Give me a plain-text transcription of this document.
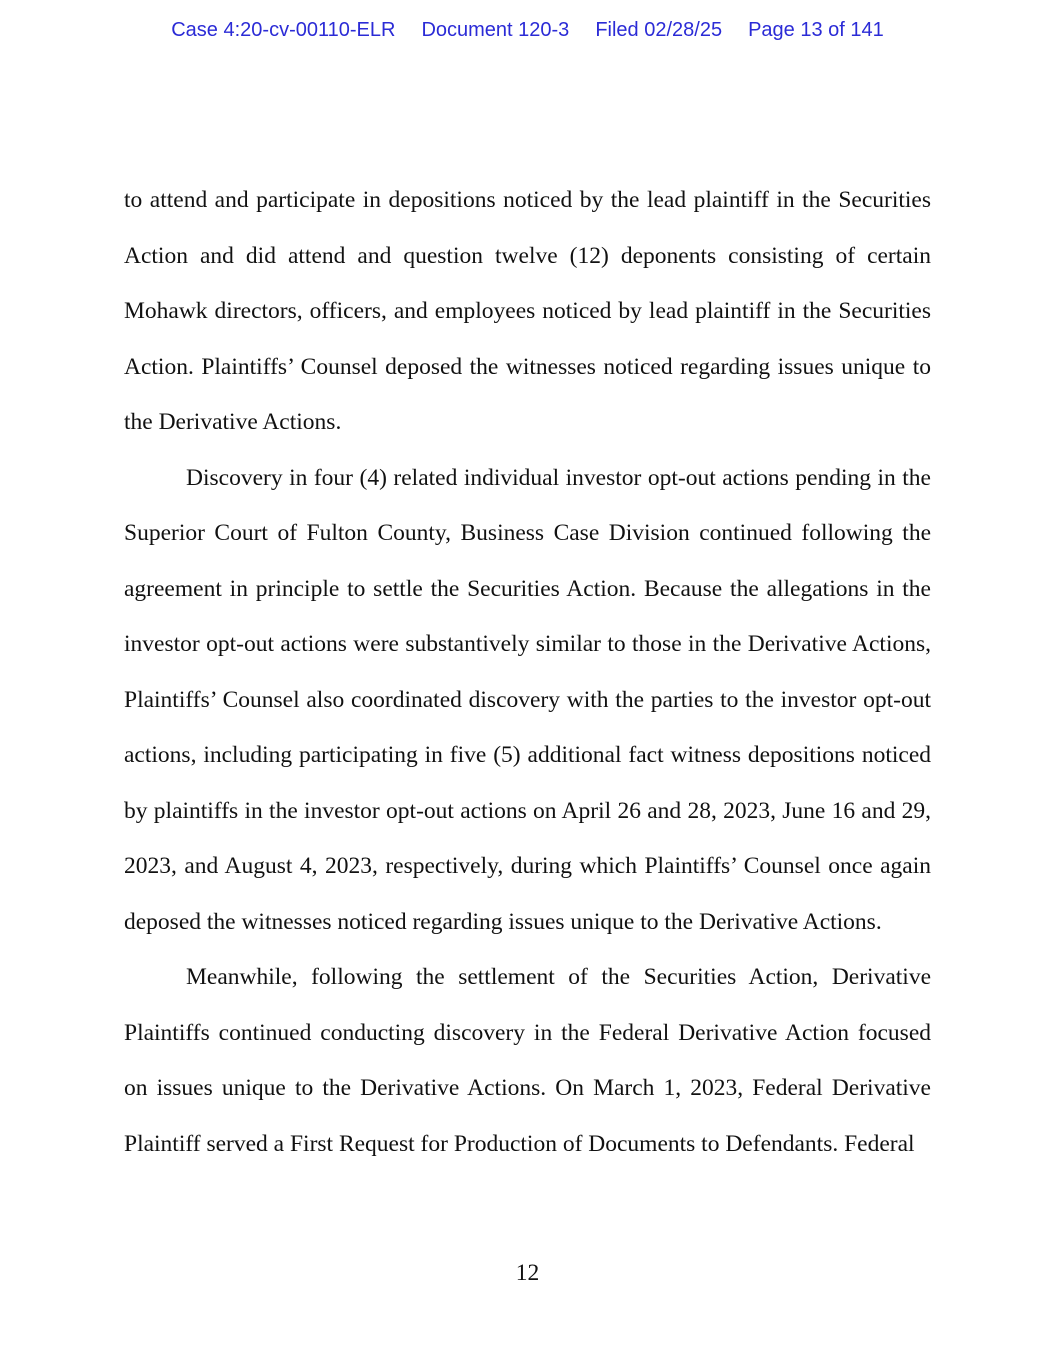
Case 4:20-cv-00110-ELR Document 120-3 Filed 02/28/25 Page 13 of 141

to attend and participate in depositions noticed by the lead plaintiff in the Securities Action and did attend and question twelve (12) deponents consisting of certain Mohawk directors, officers, and employees noticed by lead plaintiff in the Securities Action. Plaintiffs’ Counsel deposed the witnesses noticed regarding issues unique to the Derivative Actions.

Discovery in four (4) related individual investor opt-out actions pending in the Superior Court of Fulton County, Business Case Division continued following the agreement in principle to settle the Securities Action. Because the allegations in the investor opt-out actions were substantively similar to those in the Derivative Actions, Plaintiffs’ Counsel also coordinated discovery with the parties to the investor opt-out actions, including participating in five (5) additional fact witness depositions noticed by plaintiffs in the investor opt-out actions on April 26 and 28, 2023, June 16 and 29, 2023, and August 4, 2023, respectively, during which Plaintiffs’ Counsel once again deposed the witnesses noticed regarding issues unique to the Derivative Actions.

Meanwhile, following the settlement of the Securities Action, Derivative Plaintiffs continued conducting discovery in the Federal Derivative Action focused on issues unique to the Derivative Actions. On March 1, 2023, Federal Derivative Plaintiff served a First Request for Production of Documents to Defendants. Federal

12
